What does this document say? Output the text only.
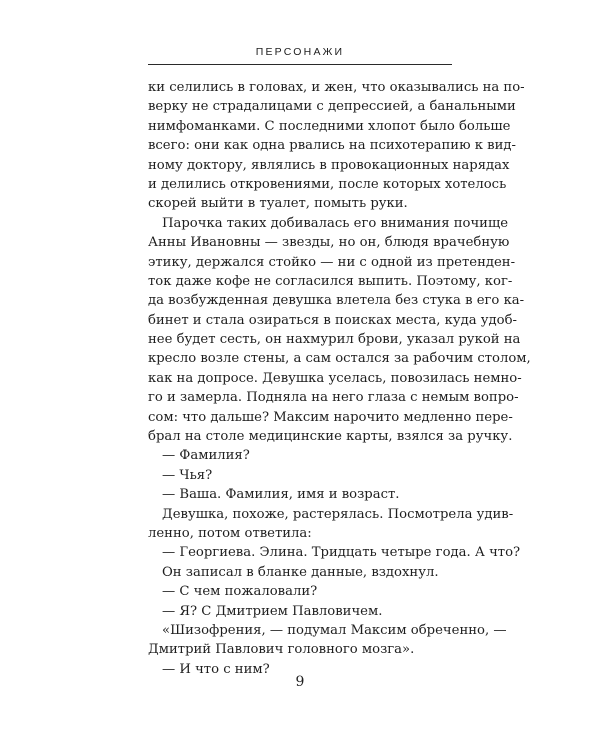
ПЕРСОНАЖИ
ки селились в головах, и жен, что оказывались на по-
верку не страдалицами с депрессией, а банальными
нимфоманками. С последними хлопот было больше
всего: они как одна рвались на психотерапию к вид-
ному доктору, являлись в провокационных нарядах
и делились откровениями, после которых хотелось
скорей выйти в туалет, помыть руки.
Парочка таких добивалась его внимания почище
Анны Ивановны — звезды, но он, блюдя врачебную
этику, держался стойко — ни с одной из претенден-
ток даже кофе не согласился выпить. Поэтому, ког-
да возбужденная девушка влетела без стука в его ка-
бинет и стала озираться в поисках места, куда удоб-
нее будет сесть, он нахмурил брови, указал рукой на
кресло возле стены, а сам остался за рабочим столом,
как на допросе. Девушка уселась, повозилась немно-
го и замерла. Подняла на него глаза с немым вопро-
сом: что дальше? Максим нарочито медленно пере-
брал на столе медицинские карты, взялся за ручку.
— Фамилия?
— Чья?
— Ваша. Фамилия, имя и возраст.
Девушка, похоже, растерялась. Посмотрела удив-
ленно, потом ответила:
— Георгиева. Элина. Тридцать четыре года. А что?
Он записал в бланке данные, вздохнул.
— С чем пожаловали?
— Я? С Дмитрием Павловичем.
«Шизофрения, — подумал Максим обреченно, —
Дмитрий Павлович головного мозга».
— И что с ним?
9
